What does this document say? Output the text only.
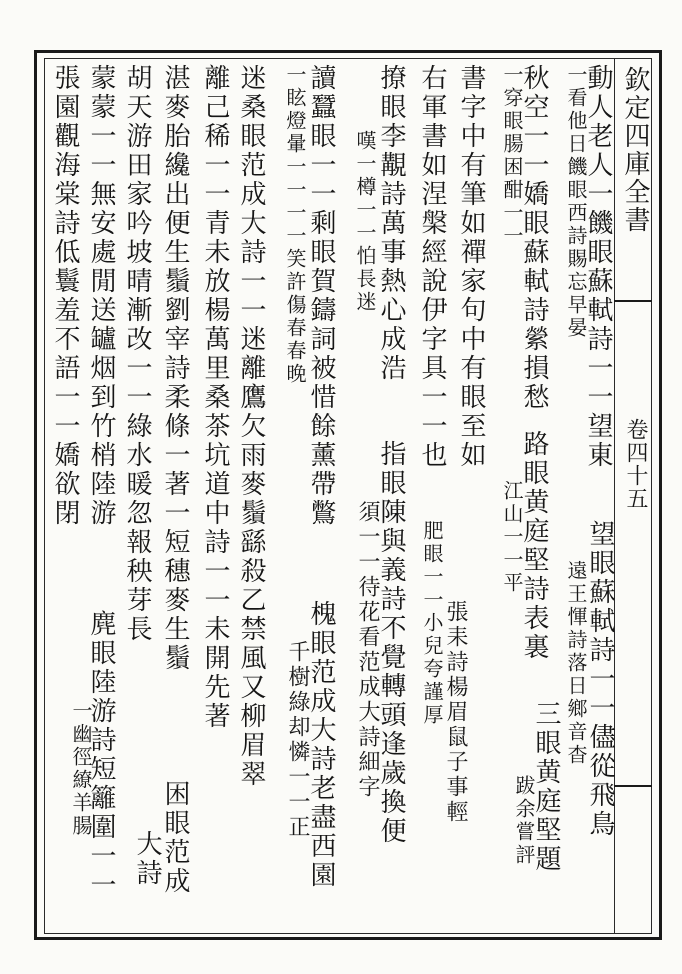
欽定四庫全書
卷四十五
動人老人一饑眼蘇軾詩一一望東
一看他日饑眼西詩賜忘早晏
望眼蘇軾詩一一儘從飛鳥
遠王惲詩落日鄉音杳
三眼黄庭堅題
跋余嘗評
秋空一一嬌眼蘇軾詩縈損愁
一穿眼腸困酣一一
路眼黄庭堅詩表裏
江山一一平
書字中有筆如禪家句中有眼至如
右軍書如涅槃經說伊字具一一也
張耒詩楊眉鼠子事輕
肥眼一一小兒夸謹厚
撩眼李覯詩萬事熱心成浩
嘆一樽一一怕長迷
指眼陳與義詩不覺轉頭逢歲換便
須一一待花看范成大詩細字
讀蠶眼一一剩眼賀鑄詞被惜餘薰帶鷩
一眩燈暈一一一一笑許傷春春晚
槐眼范成大詩老盡西園
千樹綠却憐一一正
迷桑眼范成大詩一一迷離鷹欠雨麥鬚繇殺乙禁風又柳眉翠
離己稀一一青未放楊萬里桑茶坑道中詩一一未開先著
湛麥胎纔出便生鬚劉宰詩柔條一著一短穗麥生鬚
困眼范成
大詩
胡天游田家吟坡晴漸改一一綠水暖忽報秧芽長
蒙蒙一一無安處閒送罏烟到竹梢陸游
麂眼陸游詩短籬圍一一
張園觀海棠詩低鬟羞不語一一嬌欲閉
一幽徑繚羊腸
